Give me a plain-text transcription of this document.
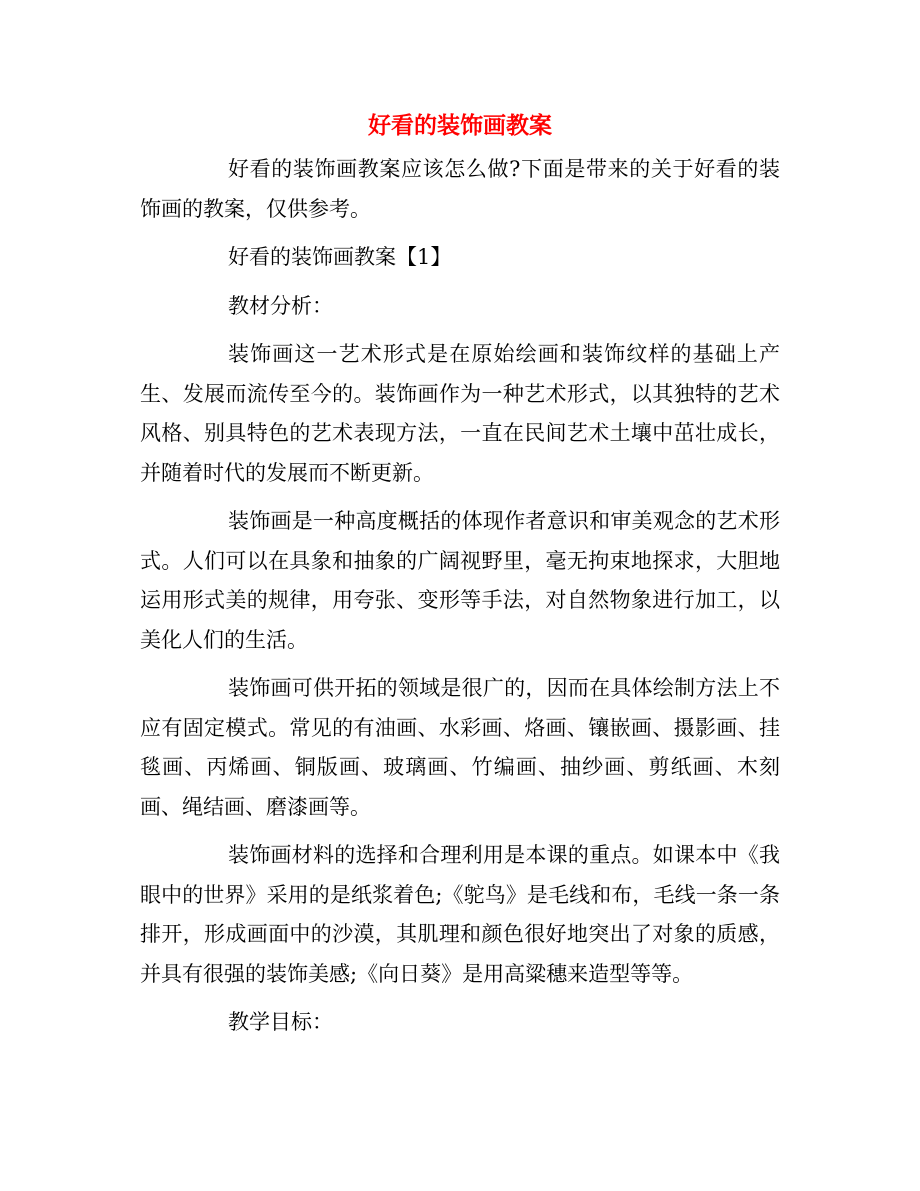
好看的装饰画教案

好看的装饰画教案应该怎么做?下面是带来的关于好看的装饰画的教案，仅供参考。

好看的装饰画教案【1】

教材分析：

装饰画这一艺术形式是在原始绘画和装饰纹样的基础上产生、发展而流传至今的。装饰画作为一种艺术形式，以其独特的艺术风格、别具特色的艺术表现方法，一直在民间艺术土壤中茁壮成长，并随着时代的发展而不断更新。

装饰画是一种高度概括的体现作者意识和审美观念的艺术形式。人们可以在具象和抽象的广阔视野里，毫无拘束地探求，大胆地运用形式美的规律，用夸张、变形等手法，对自然物象进行加工，以美化人们的生活。

装饰画可供开拓的领域是很广的，因而在具体绘制方法上不应有固定模式。常见的有油画、水彩画、烙画、镶嵌画、摄影画、挂毯画、丙烯画、铜版画、玻璃画、竹编画、抽纱画、剪纸画、木刻画、绳结画、磨漆画等。

装饰画材料的选择和合理利用是本课的重点。如课本中《我眼中的世界》采用的是纸浆着色;《鸵鸟》是毛线和布，毛线一条一条排开，形成画面中的沙漠，其肌理和颜色很好地突出了对象的质感，并具有很强的装饰美感;《向日葵》是用高粱穗来造型等等。

教学目标：
